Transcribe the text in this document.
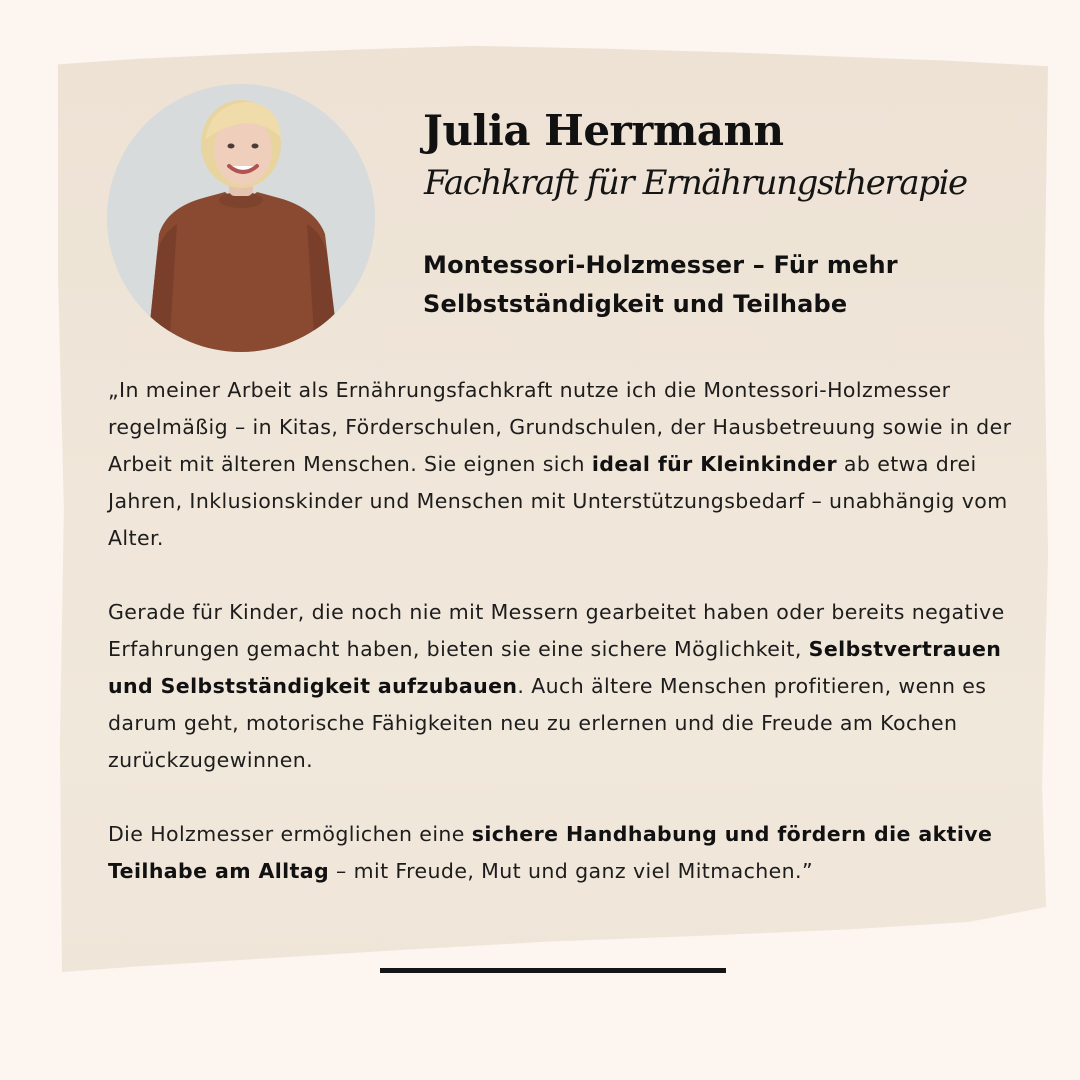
Julia Herrmann
Fachkraft für Ernährungstherapie
Montessori-Holzmesser – Für mehr
Selbstständigkeit und Teilhabe

„In meiner Arbeit als Ernährungsfachkraft nutze ich die Montessori-Holzmesser regelmäßig – in Kitas, Förderschulen, Grundschulen, der Hausbetreuung sowie in der Arbeit mit älteren Menschen. Sie eignen sich ideal für Kleinkinder ab etwa drei Jahren, Inklusionskinder und Menschen mit Unterstützungsbedarf – unabhängig vom Alter.

Gerade für Kinder, die noch nie mit Messern gearbeitet haben oder bereits negative Erfahrungen gemacht haben, bieten sie eine sichere Möglichkeit, Selbstvertrauen und Selbstständigkeit aufzubauen. Auch ältere Menschen profitieren, wenn es darum geht, motorische Fähigkeiten neu zu erlernen und die Freude am Kochen zurückzugewinnen.

Die Holzmesser ermöglichen eine sichere Handhabung und fördern die aktive Teilhabe am Alltag – mit Freude, Mut und ganz viel Mitmachen.”
